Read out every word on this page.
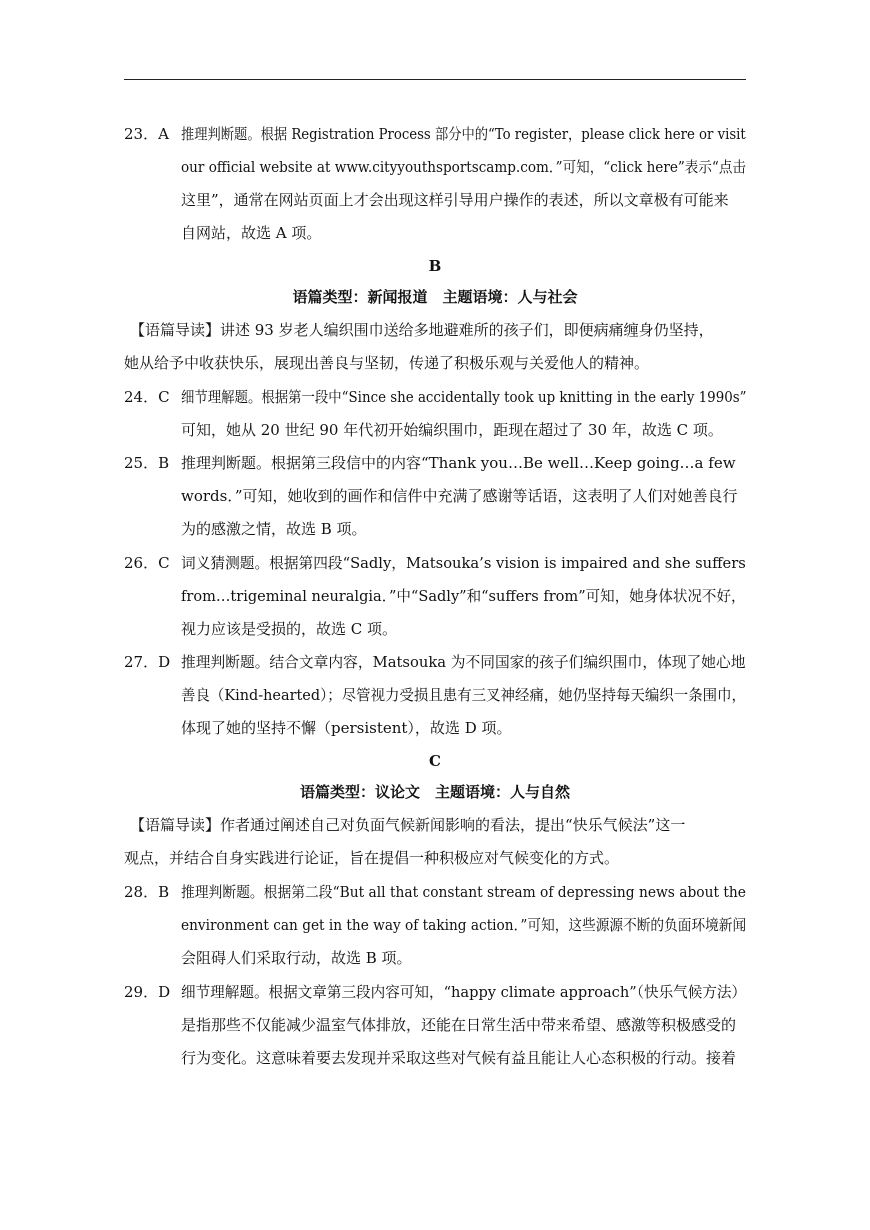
23．A 推理判断题。根据 Registration Process 部分中的“To register，please click here or visit
our official website at www.cityyouthsportscamp.com．”可知，“click here”表示“点击
这里”，通常在网站页面上才会出现这样引导用户操作的表述，所以文章极有可能来
自网站，故选 A 项。
B
语篇类型：新闻报道　主题语境：人与社会
【语篇导读】讲述 93 岁老人编织围巾送给多地避难所的孩子们，即便病痛缠身仍坚持，
她从给予中收获快乐，展现出善良与坚韧，传递了积极乐观与关爱他人的精神。
24．C 细节理解题。根据第一段中“Since she accidentally took up knitting in the early 1990s”
可知，她从 20 世纪 90 年代初开始编织围巾，距现在超过了 30 年，故选 C 项。
25．B 推理判断题。根据第三段信中的内容“Thank you…Be well…Keep going…a few
words．”可知，她收到的画作和信件中充满了感谢等话语，这表明了人们对她善良行
为的感激之情，故选 B 项。
26．C 词义猜测题。根据第四段“Sadly，Matsouka’s vision is impaired and she suffers
from…trigeminal neuralgia．”中“Sadly”和“suffers from”可知，她身体状况不好，
视力应该是受损的，故选 C 项。
27．D 推理判断题。结合文章内容，Matsouka 为不同国家的孩子们编织围巾，体现了她心地
善良（Kind-hearted）；尽管视力受损且患有三叉神经痛，她仍坚持每天编织一条围巾，
体现了她的坚持不懈（persistent），故选 D 项。
C
语篇类型：议论文　主题语境：人与自然
【语篇导读】作者通过阐述自己对负面气候新闻影响的看法，提出“快乐气候法”这一
观点，并结合自身实践进行论证，旨在提倡一种积极应对气候变化的方式。
28．B 推理判断题。根据第二段“But all that constant stream of depressing news about the
environment can get in the way of taking action．”可知，这些源源不断的负面环境新闻
会阻碍人们采取行动，故选 B 项。
29．D 细节理解题。根据文章第三段内容可知，“happy climate approach”（快乐气候方法）
是指那些不仅能减少温室气体排放，还能在日常生活中带来希望、感激等积极感受的
行为变化。这意味着要去发现并采取这些对气候有益且能让人心态积极的行动。接着
